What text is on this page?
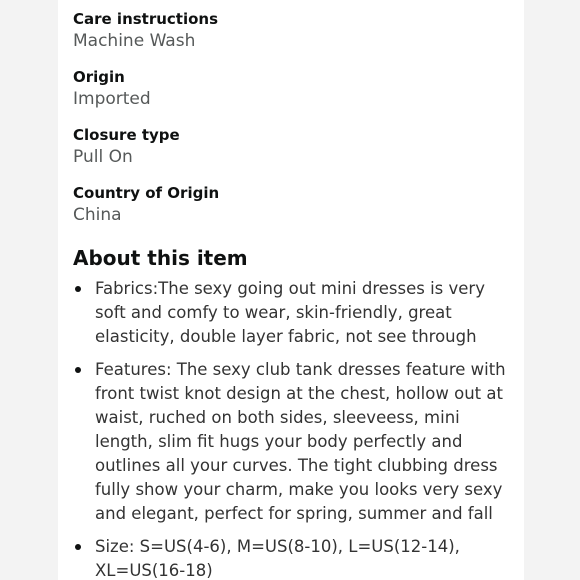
Care instructions
Machine Wash
Origin
Imported
Closure type
Pull On
Country of Origin
China
About this item
Fabrics:The sexy going out mini dresses is very soft and comfy to wear, skin-friendly, great elasticity, double layer fabric, not see through
Features: The sexy club tank dresses feature with front twist knot design at the chest, hollow out at waist, ruched on both sides, sleeveess, mini length, slim fit hugs your body perfectly and outlines all your curves. The tight clubbing dress fully show your charm, make you looks very sexy and elegant, perfect for spring, summer and fall
Size: S=US(4-6), M=US(8-10), L=US(12-14), XL=US(16-18)
